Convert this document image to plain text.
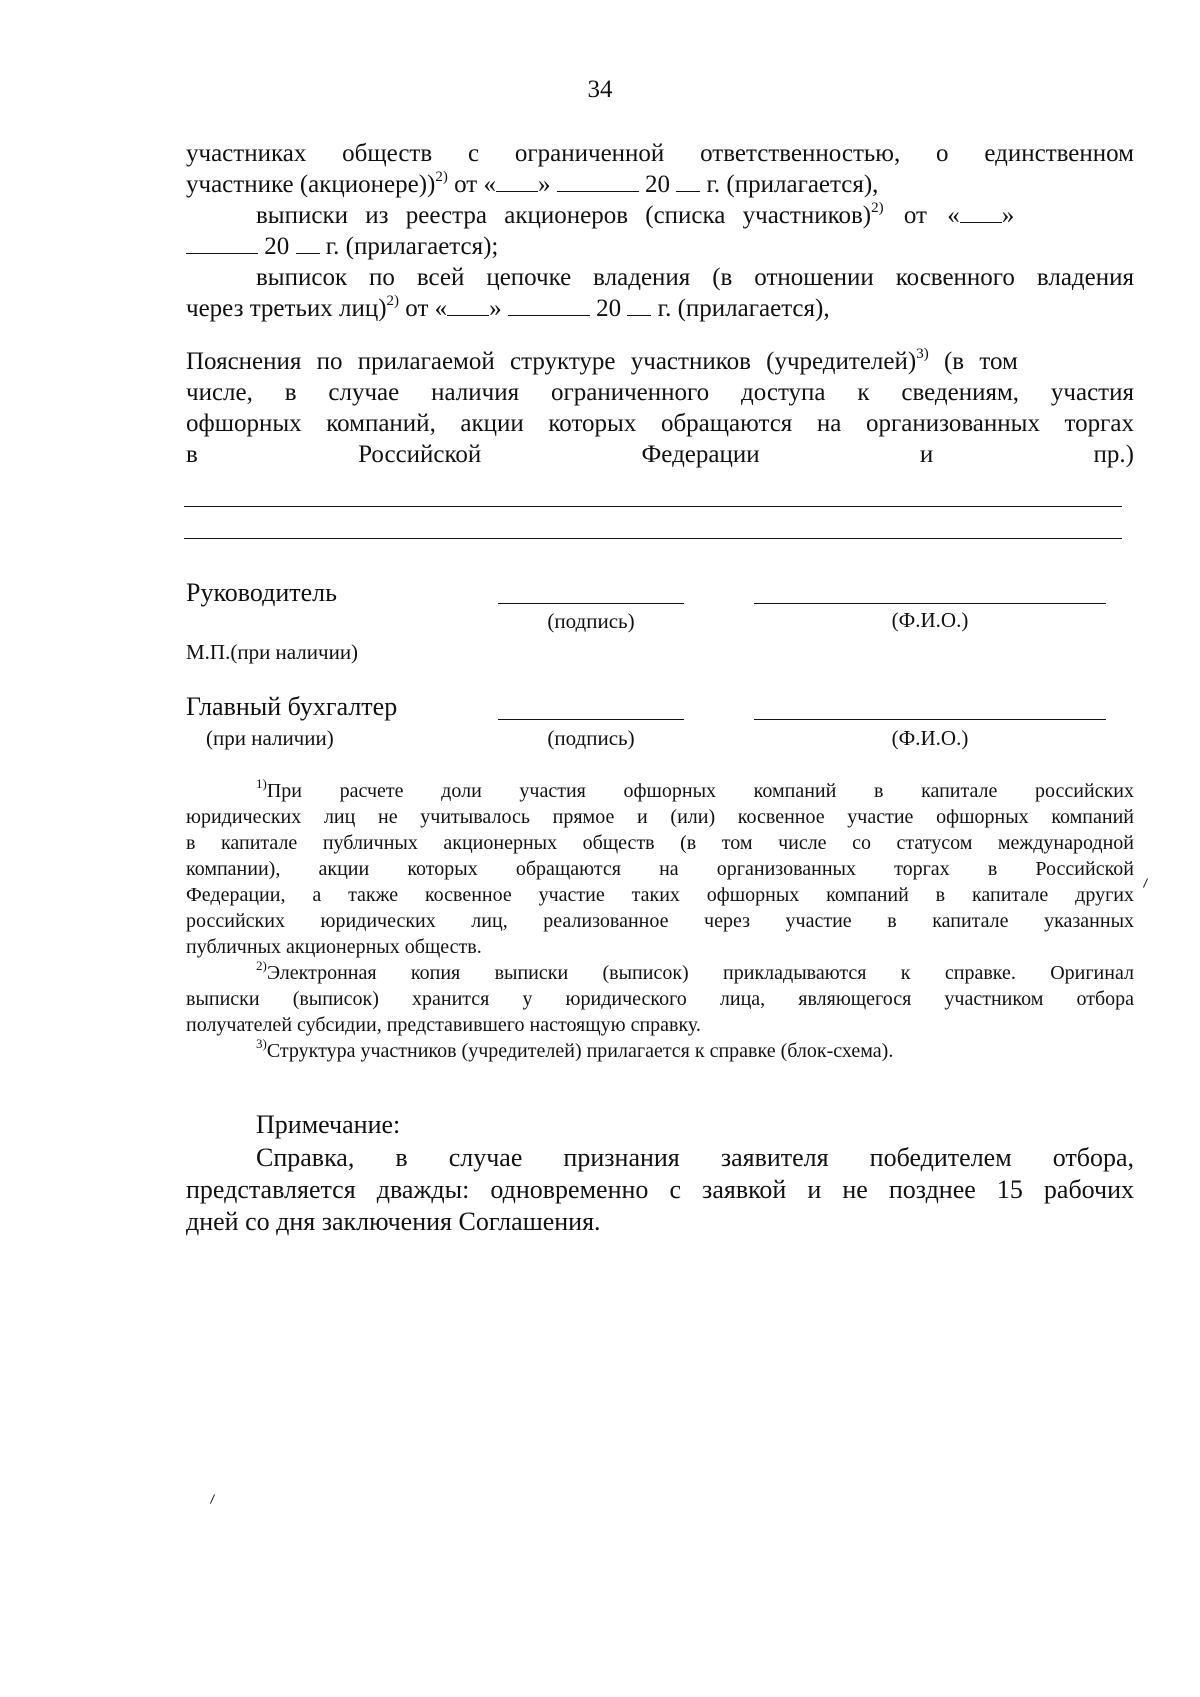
34
участниках обществ с ограниченной ответственностью, о единственном
участнике (акционере))$^{2)}$ от « »	20  г. (прилагается),
выписки из реестра акционеров (списка участников)$^{2)}$ от « »
20  г. (прилагается);
выписок по всей цепочке владения (в отношении косвенного владения
через третьих лиц)$^{2)}$ от « »	20  г. (прилагается),
Пояснения по прилагаемой структуре участников (учредителей)$^{3)}$ (в том
числе, в случае наличия ограниченного доступа к сведениям, участия
офшорных компаний, акции которых обращаются на организованных торгах
в Российской Федерации и пр.)
Руководитель
(подпись)	(Ф.И.О.)
М.П.(при наличии)
Главный бухгалтер
(при наличии)	(подпись)	(Ф.И.О.)
$^{1)}$При расчете доли участия офшорных компаний в капитале российских
юридических лиц не учитывалось прямое и (или) косвенное участие офшорных компаний
в капитале публичных акционерных обществ (в том числе со статусом международной
компании), акции которых обращаются на организованных торгах в Российской
Федерации, а также косвенное участие таких офшорных компаний в капитале других
российских юридических лиц, реализованное через участие в капитале указанных
публичных акционерных обществ.
$^{2)}$Электронная копия выписки (выписок) прикладываются к справке. Оригинал
выписки (выписок) хранится у юридического лица, являющегося участником отбора
получателей субсидии, представившего настоящую справку.
$^{3)}$Структура участников (учредителей) прилагается к справке (блок-схема).
Примечание:
Справка, в случае признания заявителя победителем отбора,
представляется дважды: одновременно с заявкой и не позднее 15 рабочих
дней со дня заключения Соглашения.
